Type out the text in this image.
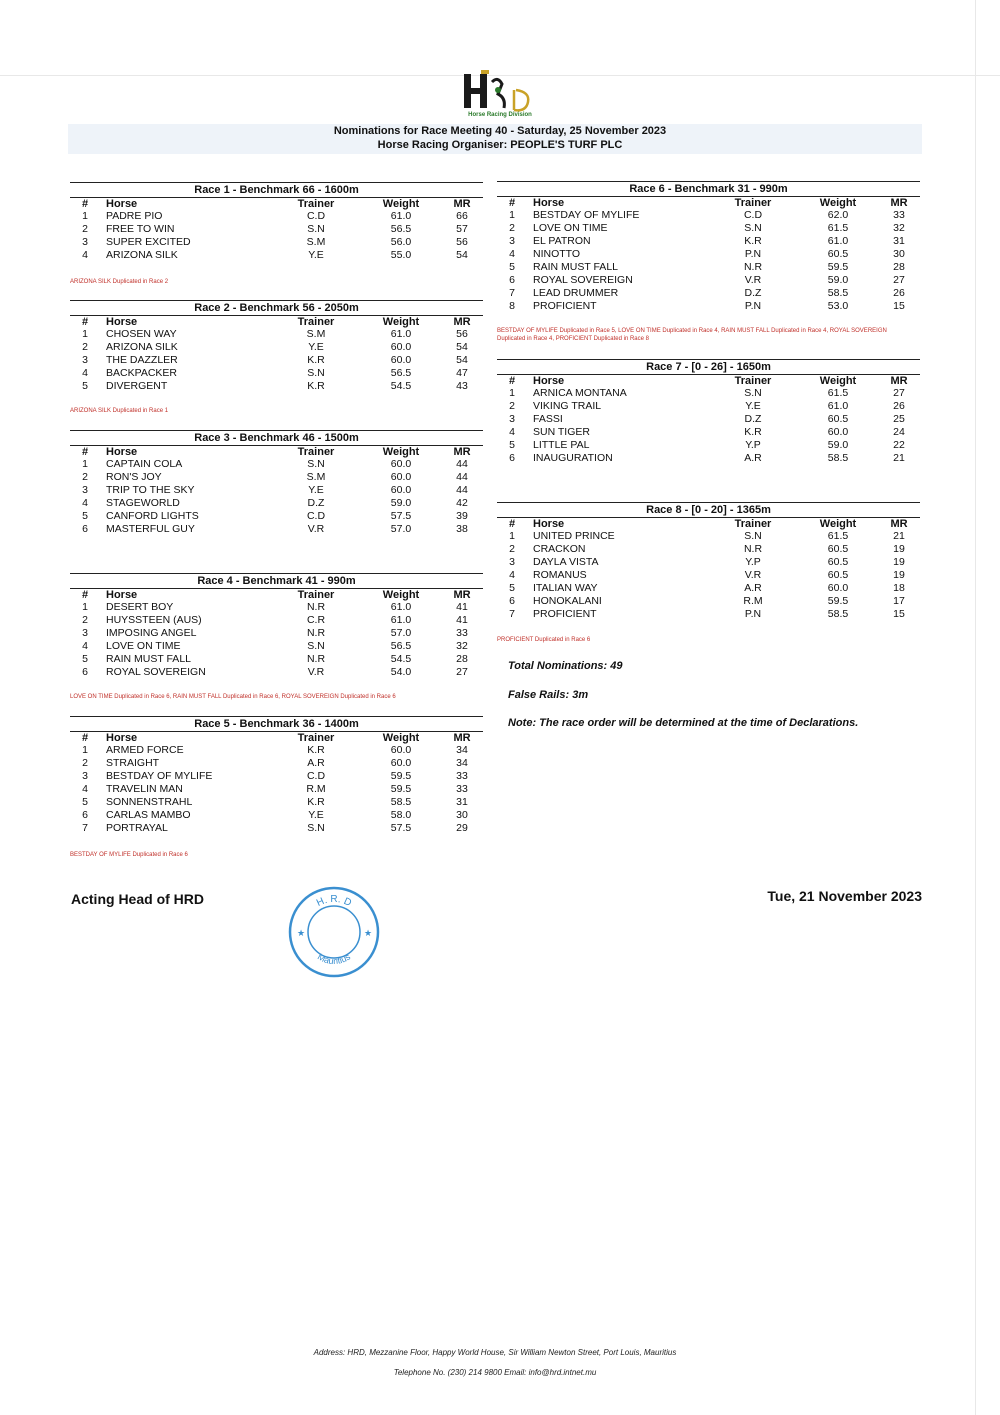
Horse Racing Division
Nominations for Race Meeting 40 - Saturday, 25 November 2023
Horse Racing Organiser: PEOPLE'S TURF PLC
Race 1 - Benchmark 66 - 1600m
#	Horse	Trainer	Weight	MR
1	PADRE PIO	C.D	61.0	66
2	FREE TO WIN	S.N	56.5	57
3	SUPER EXCITED	S.M	56.0	56
4	ARIZONA SILK	Y.E	55.0	54
ARIZONA SILK Duplicated in Race 2
Race 2 - Benchmark 56 - 2050m
#	Horse	Trainer	Weight	MR
1	CHOSEN WAY	S.M	61.0	56
2	ARIZONA SILK	Y.E	60.0	54
3	THE DAZZLER	K.R	60.0	54
4	BACKPACKER	S.N	56.5	47
5	DIVERGENT	K.R	54.5	43
ARIZONA SILK Duplicated in Race 1
Race 3 - Benchmark 46 - 1500m
#	Horse	Trainer	Weight	MR
1	CAPTAIN COLA	S.N	60.0	44
2	RON'S JOY	S.M	60.0	44
3	TRIP TO THE SKY	Y.E	60.0	44
4	STAGEWORLD	D.Z	59.0	42
5	CANFORD LIGHTS	C.D	57.5	39
6	MASTERFUL GUY	V.R	57.0	38
Race 4 - Benchmark 41 - 990m
#	Horse	Trainer	Weight	MR
1	DESERT BOY	N.R	61.0	41
2	HUYSSTEEN (AUS)	C.R	61.0	41
3	IMPOSING ANGEL	N.R	57.0	33
4	LOVE ON TIME	S.N	56.5	32
5	RAIN MUST FALL	N.R	54.5	28
6	ROYAL SOVEREIGN	V.R	54.0	27
LOVE ON TIME Duplicated in Race 6, RAIN MUST FALL Duplicated in Race 6, ROYAL SOVEREIGN Duplicated in Race 6
Race 5 - Benchmark 36 - 1400m
#	Horse	Trainer	Weight	MR
1	ARMED FORCE	K.R	60.0	34
2	STRAIGHT	A.R	60.0	34
3	BESTDAY OF MYLIFE	C.D	59.5	33
4	TRAVELIN MAN	R.M	59.5	33
5	SONNENSTRAHL	K.R	58.5	31
6	CARLAS MAMBO	Y.E	58.0	30
7	PORTRAYAL	S.N	57.5	29
BESTDAY OF MYLIFE Duplicated in Race 6
Race 6 - Benchmark 31 - 990m
#	Horse	Trainer	Weight	MR
1	BESTDAY OF MYLIFE	C.D	62.0	33
2	LOVE ON TIME	S.N	61.5	32
3	EL PATRON	K.R	61.0	31
4	NINOTTO	P.N	60.5	30
5	RAIN MUST FALL	N.R	59.5	28
6	ROYAL SOVEREIGN	V.R	59.0	27
7	LEAD DRUMMER	D.Z	58.5	26
8	PROFICIENT	P.N	53.0	15
BESTDAY OF MYLIFE Duplicated in Race 5, LOVE ON TIME Duplicated in Race 4, RAIN MUST FALL Duplicated in Race 4, ROYAL SOVEREIGN Duplicated in Race 4, PROFICIENT Duplicated in Race 8
Race 7 - [0 - 26] - 1650m
#	Horse	Trainer	Weight	MR
1	ARNICA MONTANA	S.N	61.5	27
2	VIKING TRAIL	Y.E	61.0	26
3	FASSI	D.Z	60.5	25
4	SUN TIGER	K.R	60.0	24
5	LITTLE PAL	Y.P	59.0	22
6	INAUGURATION	A.R	58.5	21
Race 8 - [0 - 20] - 1365m
#	Horse	Trainer	Weight	MR
1	UNITED PRINCE	S.N	61.5	21
2	CRACKON	N.R	60.5	19
3	DAYLA VISTA	Y.P	60.5	19
4	ROMANUS	V.R	60.5	19
5	ITALIAN WAY	A.R	60.0	18
6	HONOKALANI	R.M	59.5	17
7	PROFICIENT	P.N	58.5	15
PROFICIENT Duplicated in Race 6
Total Nominations: 49
False Rails: 3m
Note: The race order will be determined at the time of Declarations.
Acting Head of HRD	Tue, 21 November 2023
H. R. D
Mauritius
★	★
Address: HRD, Mezzanine Floor, Happy World House, Sir William Newton Street, Port Louis, Mauritius
Telephone No. (230) 214 9800 Email: info@hrd.intnet.mu
